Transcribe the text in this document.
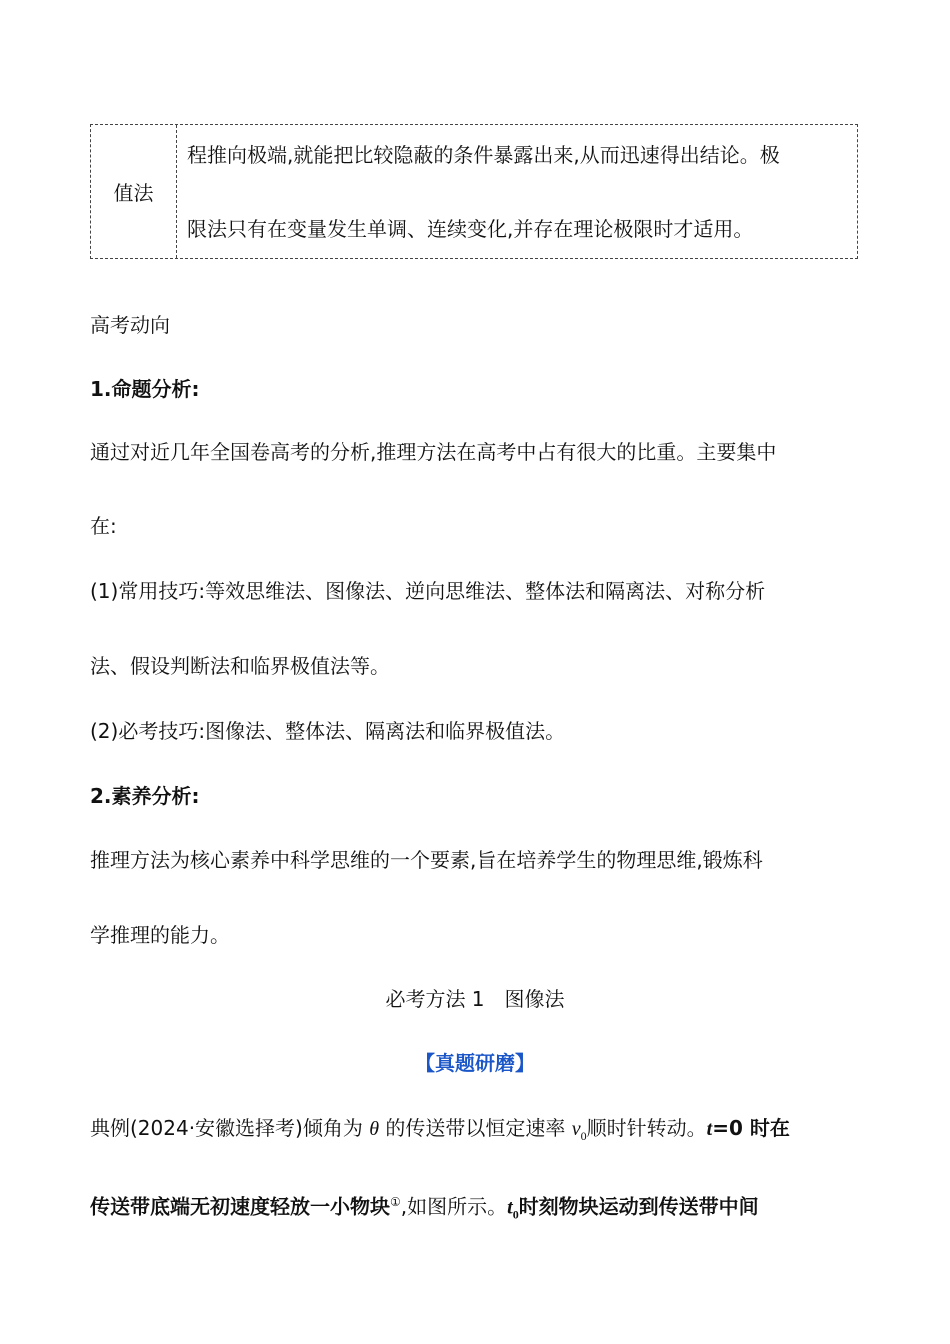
值法
程推向极端,就能把比较隐蔽的条件暴露出来,从而迅速得出结论。极
限法只有在变量发生单调、连续变化,并存在理论极限时才适用。
高考动向
1.命题分析:
通过对近几年全国卷高考的分析,推理方法在高考中占有很大的比重。主要集中
在:
(1)常用技巧:等效思维法、图像法、逆向思维法、整体法和隔离法、对称分析
法、假设判断法和临界极值法等。
(2)必考技巧:图像法、整体法、隔离法和临界极值法。
2.素养分析:
推理方法为核心素养中科学思维的一个要素,旨在培养学生的物理思维,锻炼科
学推理的能力。
必考方法 1　图像法
【真题研磨】
典例(2024·安徽选择考)倾角为 θ 的传送带以恒定速率 $v_0$顺时针转动。t=0 时在
传送带底端无初速度轻放一小物块①,如图所示。$t_0$时刻物块运动到传送带中间
